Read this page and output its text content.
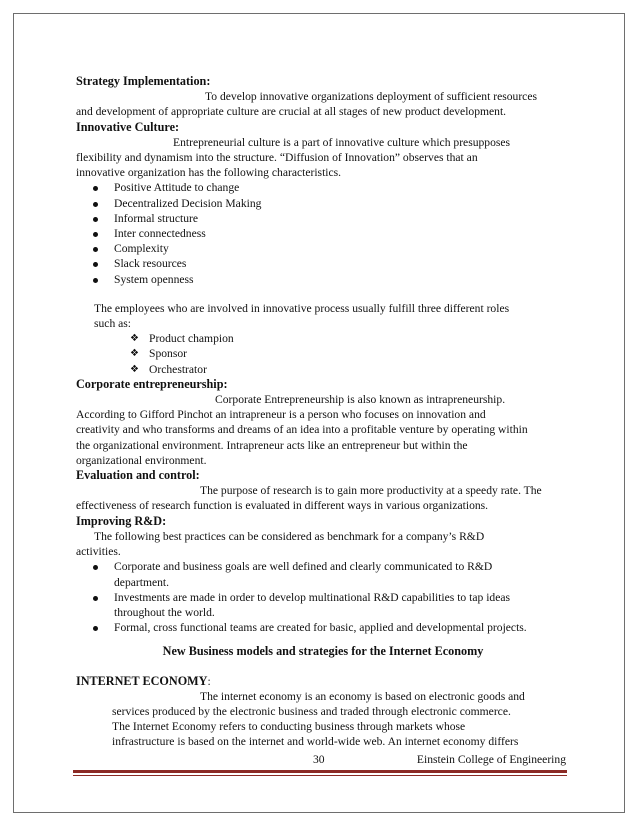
Strategy Implementation:

To develop innovative organizations deployment of sufficient resources

and development of appropriate culture are crucial at all stages of new product development.

Innovative Culture:

Entrepreneurial culture is a part of innovative culture which presupposes

flexibility and dynamism into the structure. “Diffusion of Innovation” observes that an

innovative organization has the following characteristics.

Positive Attitude to change

Decentralized Decision Making

Informal structure

Inter connectedness

Complexity

Slack resources

System openness

The employees who are involved in innovative process usually fulfill three different roles

such as:

❖ Product champion

❖ Sponsor

❖ Orchestrator

Corporate entrepreneurship:

Corporate Entrepreneurship is also known as intrapreneurship.

According to Gifford Pinchot an intrapreneur is a person who focuses on innovation and

creativity and who transforms and dreams of an idea into a profitable venture by operating within

the organizational environment. Intrapreneur acts like an entrepreneur but within the

organizational environment.

Evaluation and control:

The purpose of research is to gain more productivity at a speedy rate. The

effectiveness of research function is evaluated in different ways in various organizations.

Improving R&D:

The following best practices can be considered as benchmark for a company’s R&D

activities.

Corporate and business goals are well defined and clearly communicated to R&D

department.

Investments are made in order to develop multinational R&D capabilities to tap ideas

throughout the world.

Formal, cross functional teams are created for basic, applied and developmental projects.

New Business models and strategies for the Internet Economy

INTERNET ECONOMY:

The internet economy is an economy is based on electronic goods and

services produced by the electronic business and traded through electronic commerce.

The Internet Economy refers to conducting business through markets whose

infrastructure is based on the internet and world-wide web. An internet economy differs

30	Einstein College of Engineering
